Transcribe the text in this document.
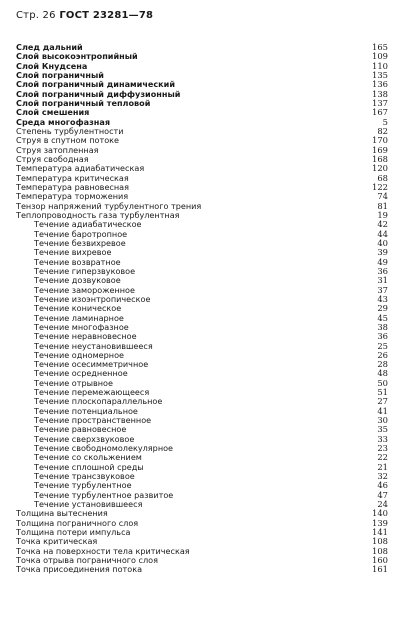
Стр. 26 ГОСТ 23281—78
След дальний	165
Слой высокоэнтропийный	109
Слой Кнудсена	110
Слой пограничный	135
Слой пограничный динамический	136
Слой пограничный диффузионный	138
Слой пограничный тепловой	137
Слой смешения	167
Среда многофазная	5
Степень турбулентности	82
Струя в спутном потоке	170
Струя затопленная	169
Струя свободная	168
Температура адиабатическая	120
Температура критическая	68
Температура равновесная	122
Температура торможения	74
Тензор напряжений турбулентного трения	81
Теплопроводность газа турбулентная	19
Течение адиабатическое	42
Течение баротропное	44
Течение безвихревое	40
Течение вихревое	39
Течение возвратное	49
Течение гиперзвуковое	36
Течение дозвуковое	31
Течение замороженное	37
Течение изоэнтропическое	43
Течение коническое	29
Течение ламинарное	45
Течение многофазное	38
Течение неравновесное	36
Течение неустановившееся	25
Течение одномерное	26
Течение осесимметричное	28
Течение осредненное	48
Течение отрывное	50
Течение перемежающееся	51
Течение плоскопараллельное	27
Течение потенциальное	41
Течение пространственное	30
Течение равновесное	35
Течение сверхзвуковое	33
Течение свободномолекулярное	23
Течение со скольжением	22
Течение сплошной среды	21
Течение трансзвуковое	32
Течение турбулентное	46
Течение турбулентное развитое	47
Течение установившееся	24
Толщина вытеснения	140
Толщина пограничного слоя	139
Толщина потери импульса	141
Точка критическая	108
Точка на поверхности тела критическая	108
Точка отрыва пограничного слоя	160
Точка присоединения потока	161
